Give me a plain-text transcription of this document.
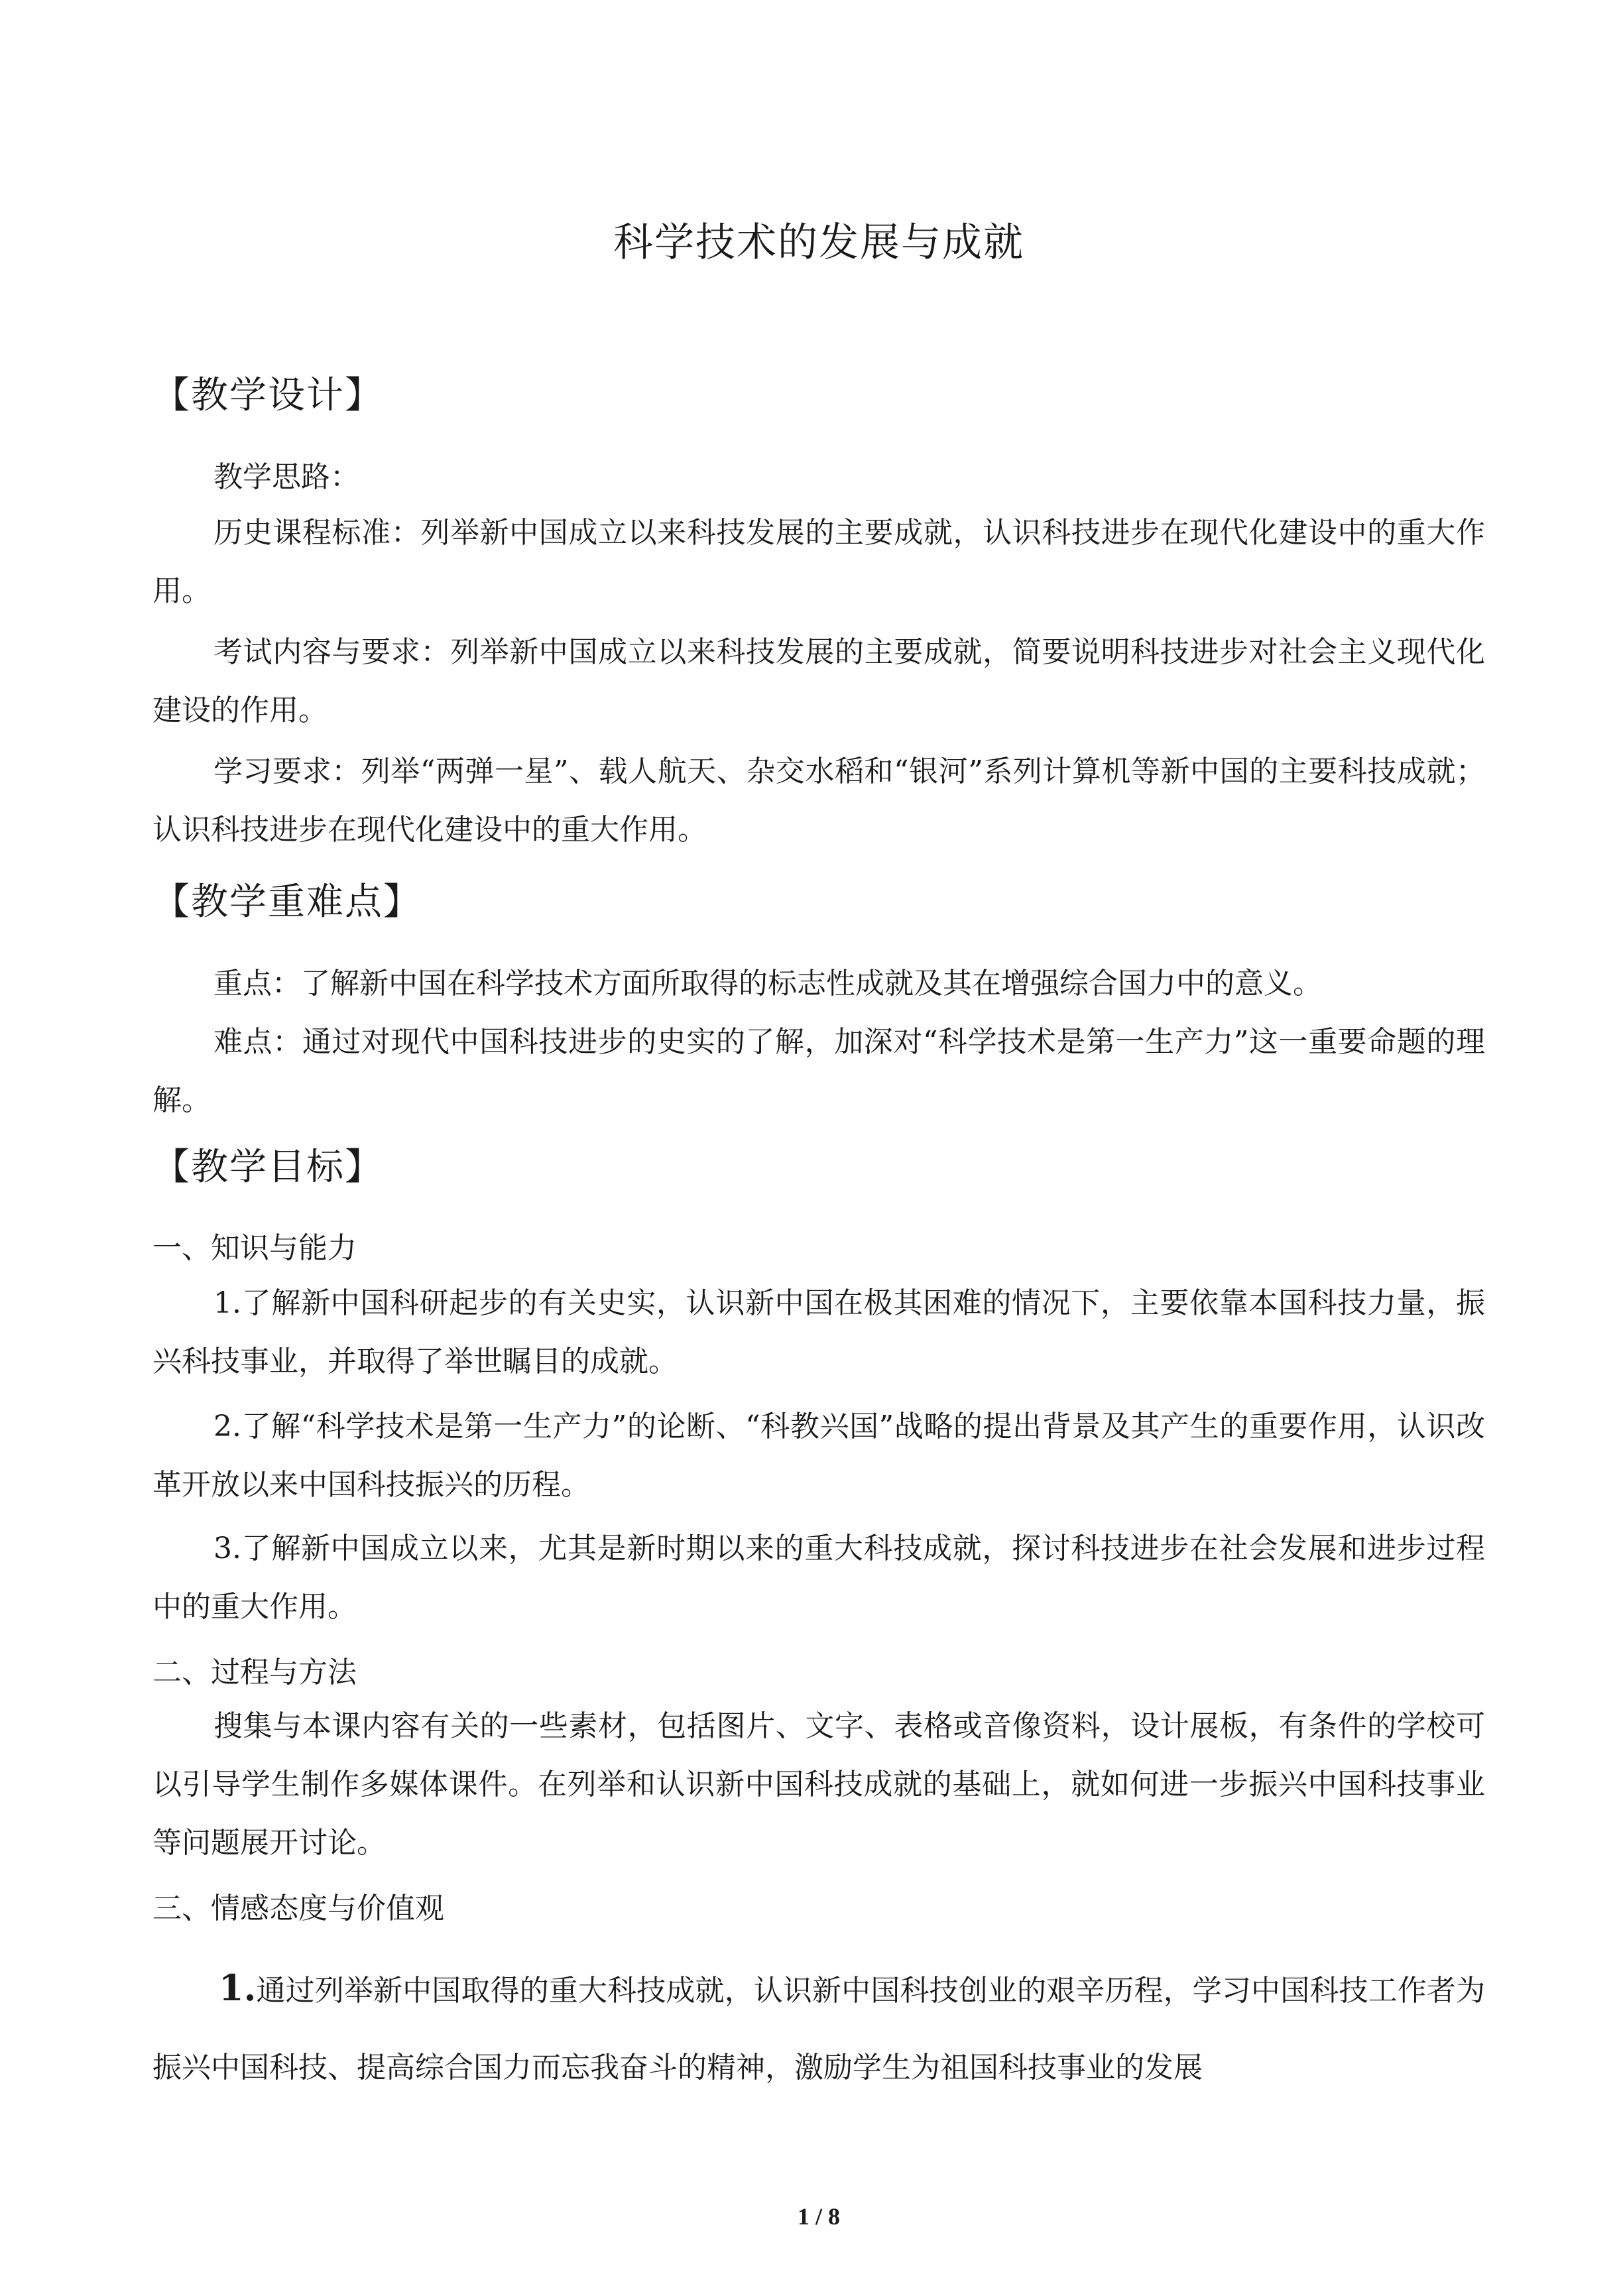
科学技术的发展与成就
【教学设计】

教学思路：

历史课程标准：列举新中国成立以来科技发展的主要成就，认识科技进步在现代化建设中的重大作用。

考试内容与要求：列举新中国成立以来科技发展的主要成就，简要说明科技进步对社会主义现代化建设的作用。

学习要求：列举“两弹一星”、载人航天、杂交水稻和“银河”系列计算机等新中国的主要科技成就；认识科技进步在现代化建设中的重大作用。

【教学重难点】

重点：了解新中国在科学技术方面所取得的标志性成就及其在增强综合国力中的意义。

难点：通过对现代中国科技进步的史实的了解，加深对“科学技术是第一生产力”这一重要命题的理解。

【教学目标】
一、知识与能力

1.了解新中国科研起步的有关史实，认识新中国在极其困难的情况下，主要依靠本国科技力量，振兴科技事业，并取得了举世瞩目的成就。

2.了解“科学技术是第一生产力”的论断、“科教兴国”战略的提出背景及其产生的重要作用，认识改革开放以来中国科技振兴的历程。

3.了解新中国成立以来，尤其是新时期以来的重大科技成就，探讨科技进步在社会发展和进步过程中的重大作用。

二、过程与方法

搜集与本课内容有关的一些素材，包括图片、文字、表格或音像资料，设计展板，有条件的学校可以引导学生制作多媒体课件。在列举和认识新中国科技成就的基础上，就如何进一步振兴中国科技事业等问题展开讨论。

三、情感态度与价值观

1.通过列举新中国取得的重大科技成就，认识新中国科技创业的艰辛历程，学习中国科技工作者为振兴中国科技、提高综合国力而忘我奋斗的精神，激励学生为祖国科技事业的发展

1 / 8
